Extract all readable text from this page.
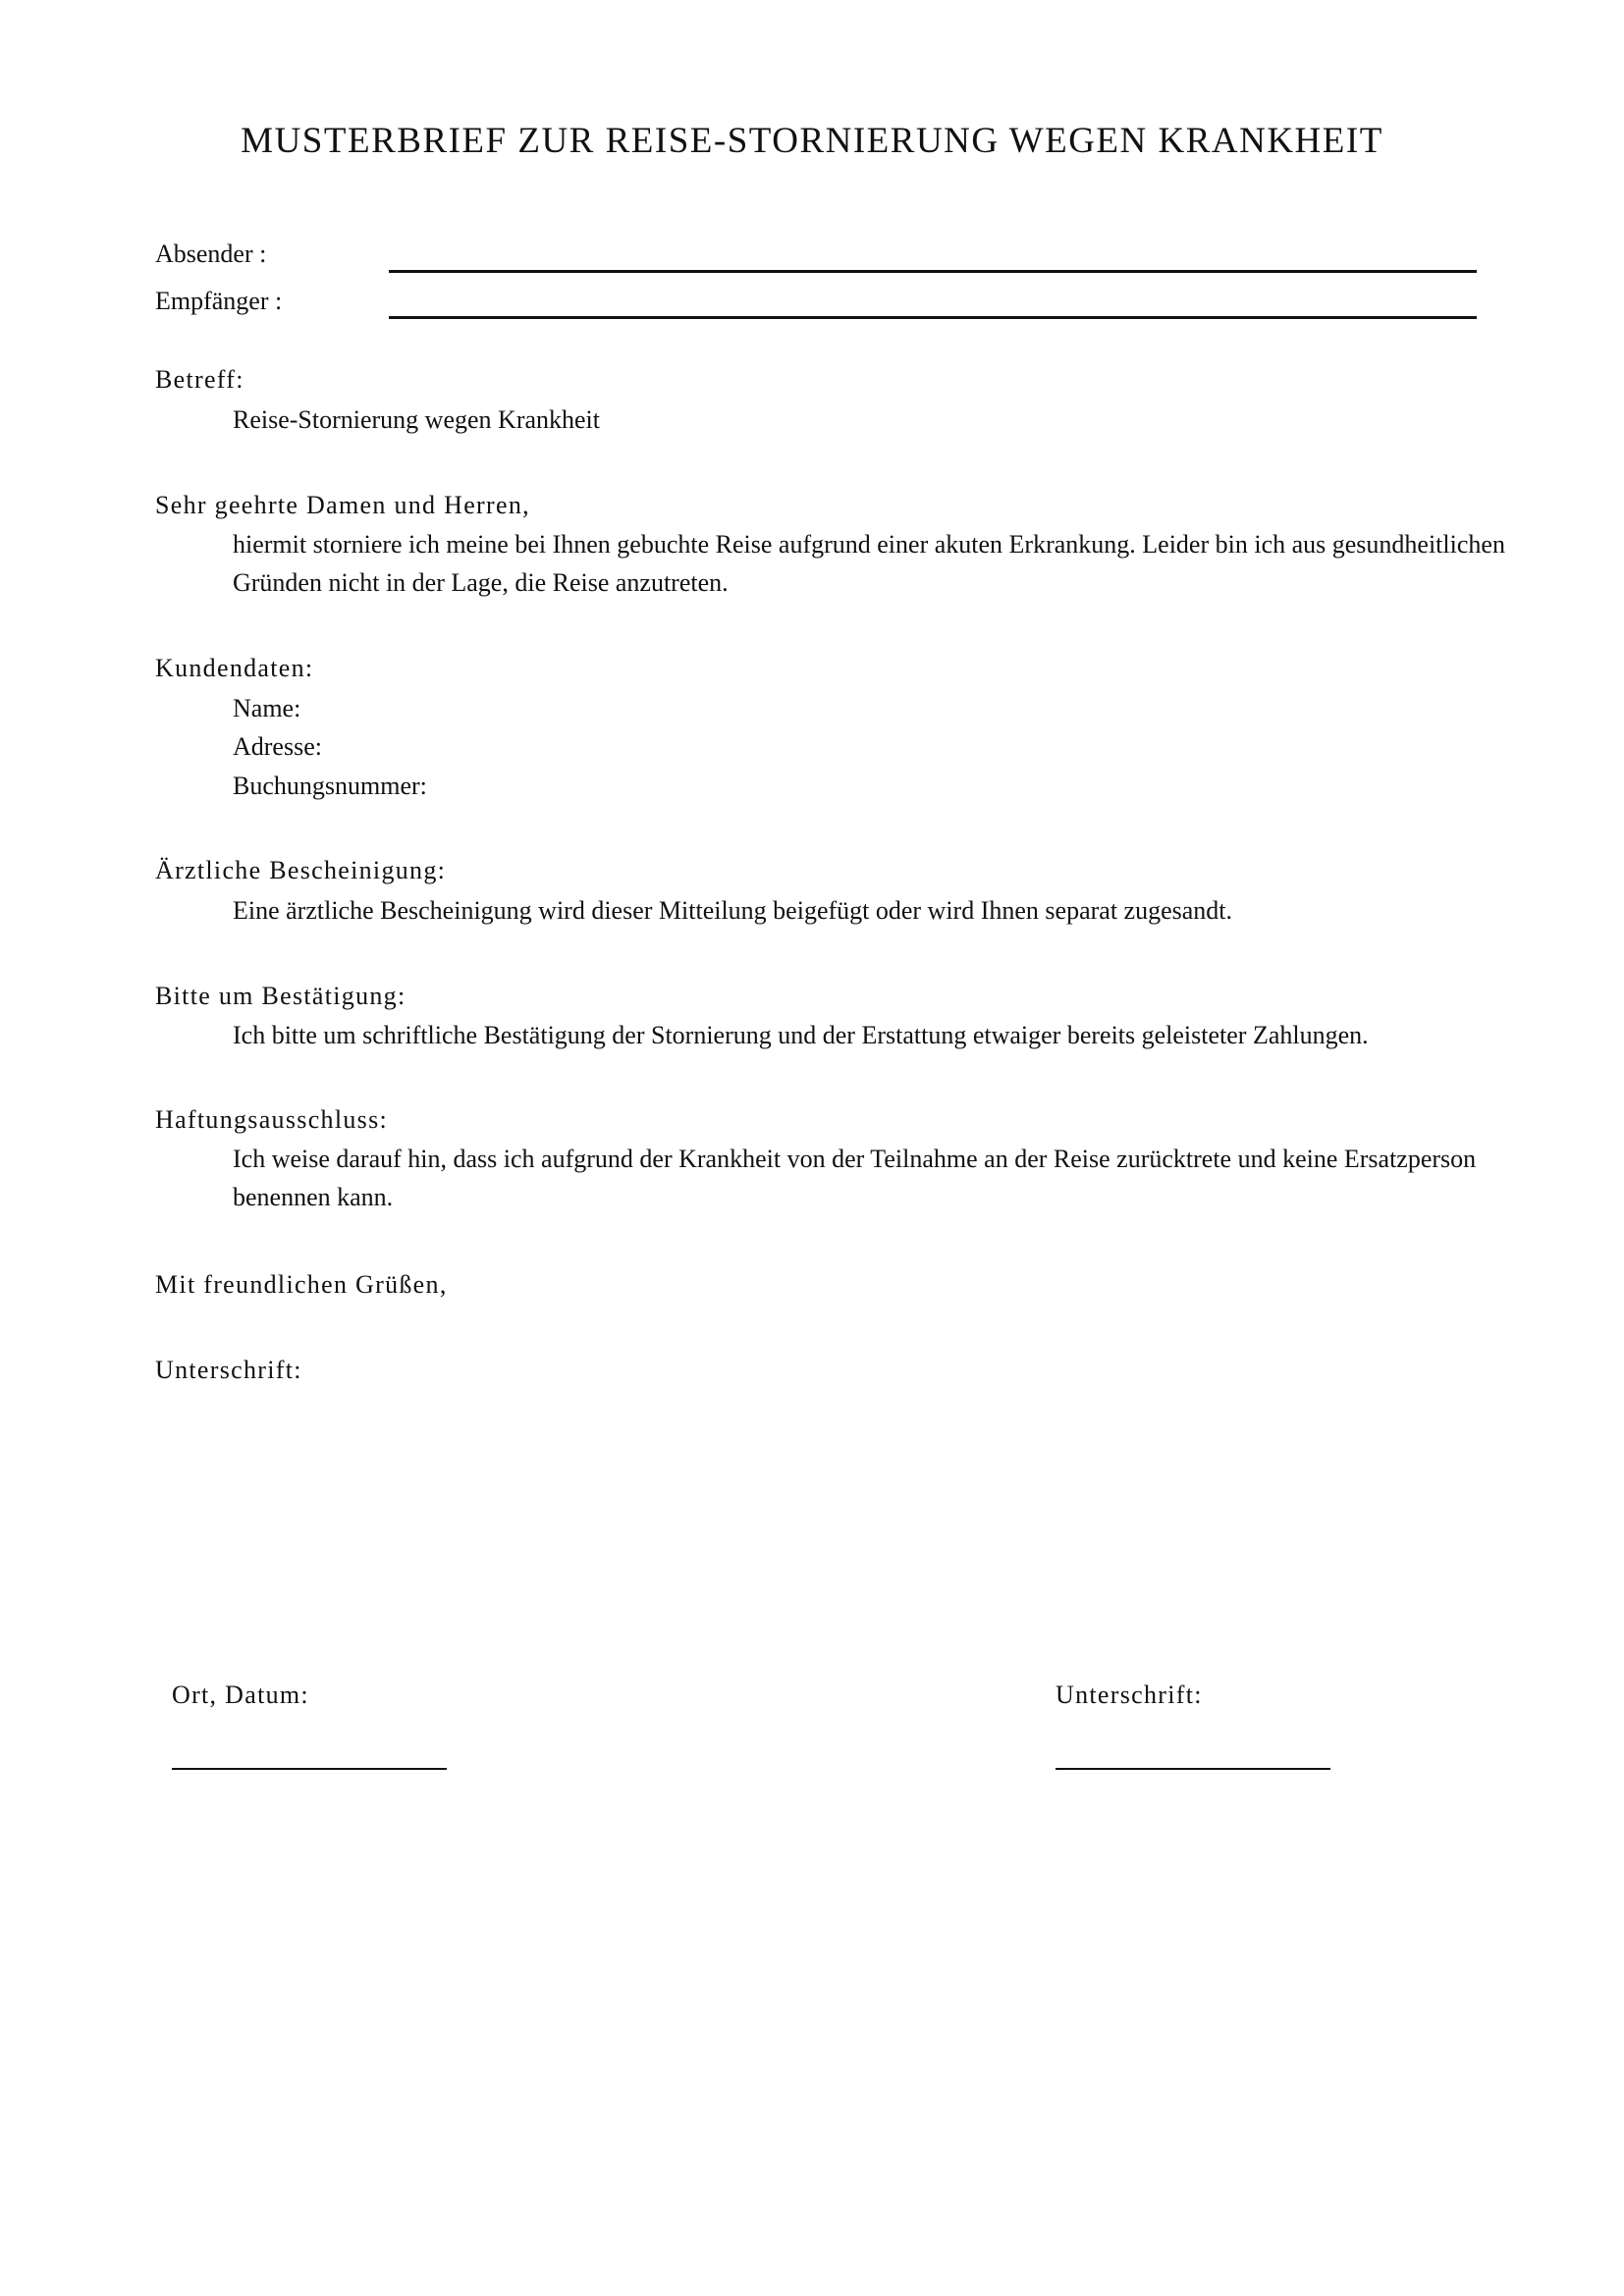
MUSTERBRIEF ZUR REISE-STORNIERUNG WEGEN KRANKHEIT
Absender :
Empfänger :
Betreff:
Reise-Stornierung wegen Krankheit
Sehr geehrte Damen und Herren,
hiermit storniere ich meine bei Ihnen gebuchte Reise aufgrund einer akuten Erkrankung. Leider bin ich aus gesundheitlichen Gründen nicht in der Lage, die Reise anzutreten.
Kundendaten:
Name:
Adresse:
Buchungsnummer:
Ärztliche Bescheinigung:
Eine ärztliche Bescheinigung wird dieser Mitteilung beigefügt oder wird Ihnen separat zugesandt.
Bitte um Bestätigung:
Ich bitte um schriftliche Bestätigung der Stornierung und der Erstattung etwaiger bereits geleisteter Zahlungen.
Haftungsausschluss:
Ich weise darauf hin, dass ich aufgrund der Krankheit von der Teilnahme an der Reise zurücktrete und keine Ersatzperson benennen kann.
Mit freundlichen Grüßen,
Unterschrift:
Ort, Datum:	Unterschrift:
